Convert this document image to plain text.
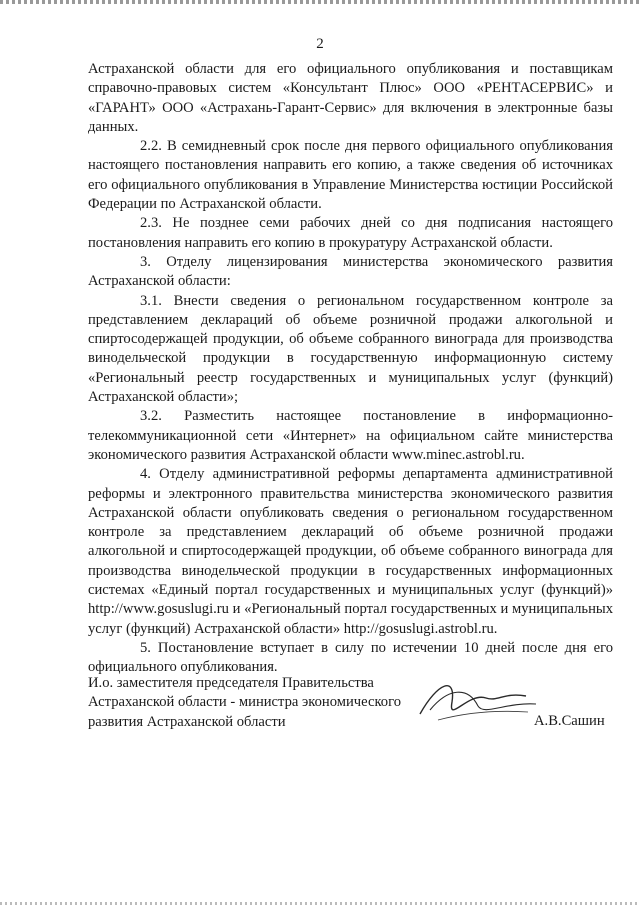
2

Астраханской области для его официального опубликования и поставщикам справочно-правовых систем «Консультант Плюс» ООО «РЕНТАСЕРВИС» и «ГАРАНТ» ООО «Астрахань-Гарант-Сервис» для включения в электронные базы данных.

2.2. В семидневный срок после дня первого официального опубликования настоящего постановления направить его копию, а также сведения об источниках его официального опубликования в Управление Министерства юстиции Российской Федерации по Астраханской области.

2.3. Не позднее семи рабочих дней со дня подписания настоящего постановления направить его копию в прокуратуру Астраханской области.

3. Отделу лицензирования министерства экономического развития Астраханской области:

3.1. Внести сведения о региональном государственном контроле за представлением деклараций об объеме розничной продажи алкогольной и спиртосодержащей продукции, об объеме собранного винограда для производства винодельческой продукции в государственную информационную систему «Региональный реестр государственных и муниципальных услуг (функций) Астраханской области»;

3.2. Разместить настоящее постановление в информационно-телекоммуникационной сети «Интернет» на официальном сайте министерства экономического развития Астраханской области www.minec.astrobl.ru.

4. Отделу административной реформы департамента административной реформы и электронного правительства министерства экономического развития Астраханской области опубликовать сведения о региональном государственном контроле за представлением деклараций об объеме розничной продажи алкогольной и спиртосодержащей продукции, об объеме собранного винограда для производства винодельческой продукции в государственных информационных системах «Единый портал государственных и муниципальных услуг (функций)» http://www.gosuslugi.ru и «Региональный портал государственных и муниципальных услуг (функций) Астраханской области» http://gosuslugi.astrobl.ru.

5. Постановление вступает в силу по истечении 10 дней после дня его официального опубликования.

И.о. заместителя председателя Правительства Астраханской области - министра экономического развития Астраханской области	А.В.Сашин
